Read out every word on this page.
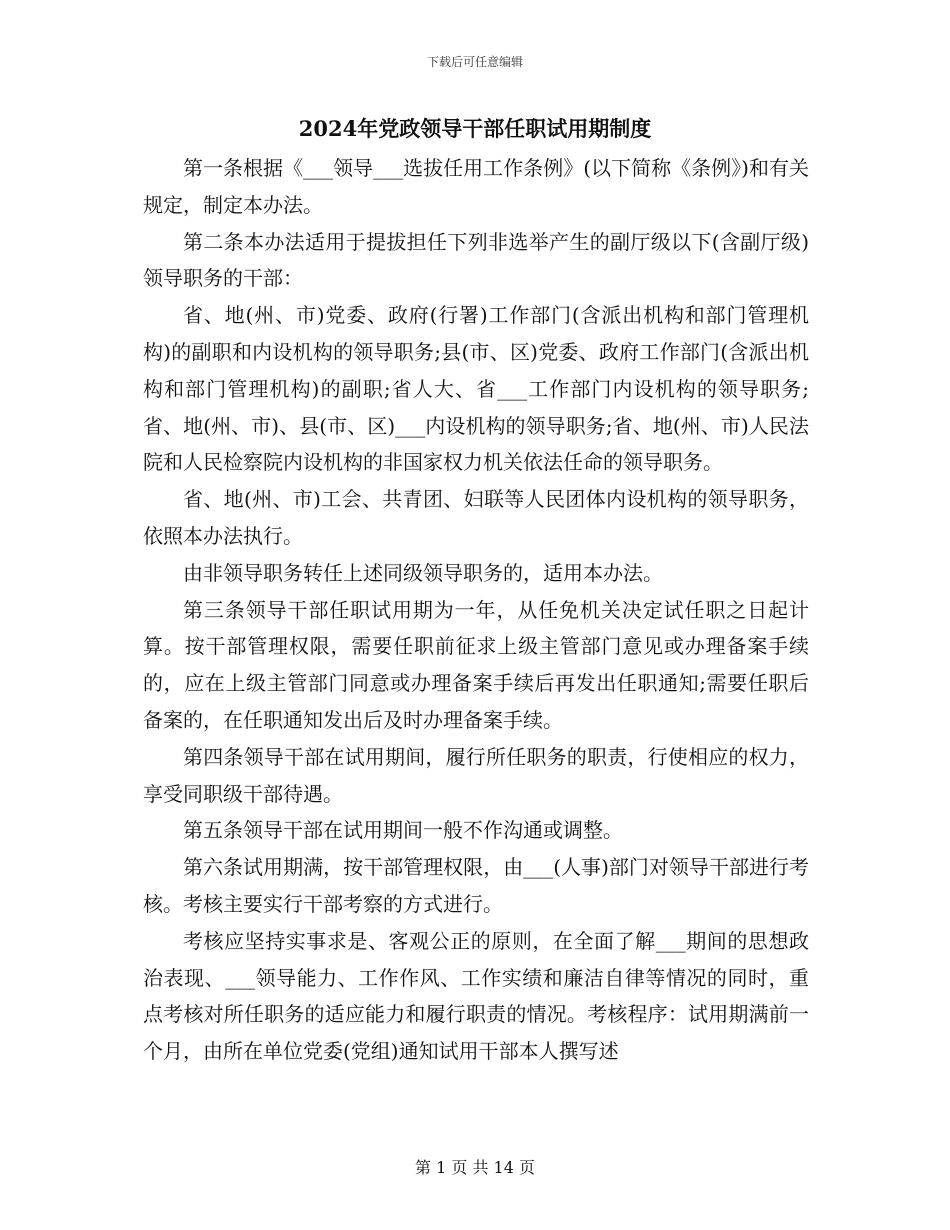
下载后可任意编辑
2024年党政领导干部任职试用期制度

第一条根据《___领导___选拔任用工作条例》(以下简称《条例》)和有关规定，制定本办法。

第二条本办法适用于提拔担任下列非选举产生的副厅级以下(含副厅级)领导职务的干部：

省、地(州、市)党委、政府(行署)工作部门(含派出机构和部门管理机构)的副职和内设机构的领导职务;县(市、区)党委、政府工作部门(含派出机构和部门管理机构)的副职;省人大、省___工作部门内设机构的领导职务;省、地(州、市)、县(市、区)___内设机构的领导职务;省、地(州、市)人民法院和人民检察院内设机构的非国家权力机关依法任命的领导职务。

省、地(州、市)工会、共青团、妇联等人民团体内设机构的领导职务，依照本办法执行。

由非领导职务转任上述同级领导职务的，适用本办法。

第三条领导干部任职试用期为一年，从任免机关决定试任职之日起计算。按干部管理权限，需要任职前征求上级主管部门意见或办理备案手续的，应在上级主管部门同意或办理备案手续后再发出任职通知;需要任职后备案的，在任职通知发出后及时办理备案手续。

第四条领导干部在试用期间，履行所任职务的职责，行使相应的权力，享受同职级干部待遇。

第五条领导干部在试用期间一般不作沟通或调整。

第六条试用期满，按干部管理权限，由___(人事)部门对领导干部进行考核。考核主要实行干部考察的方式进行。

考核应坚持实事求是、客观公正的原则，在全面了解___期间的思想政治表现、___领导能力、工作作风、工作实绩和廉洁自律等情况的同时，重点考核对所任职务的适应能力和履行职责的情况。考核程序：试用期满前一个月，由所在单位党委(党组)通知试用干部本人撰写述

第 1 页 共 14 页
